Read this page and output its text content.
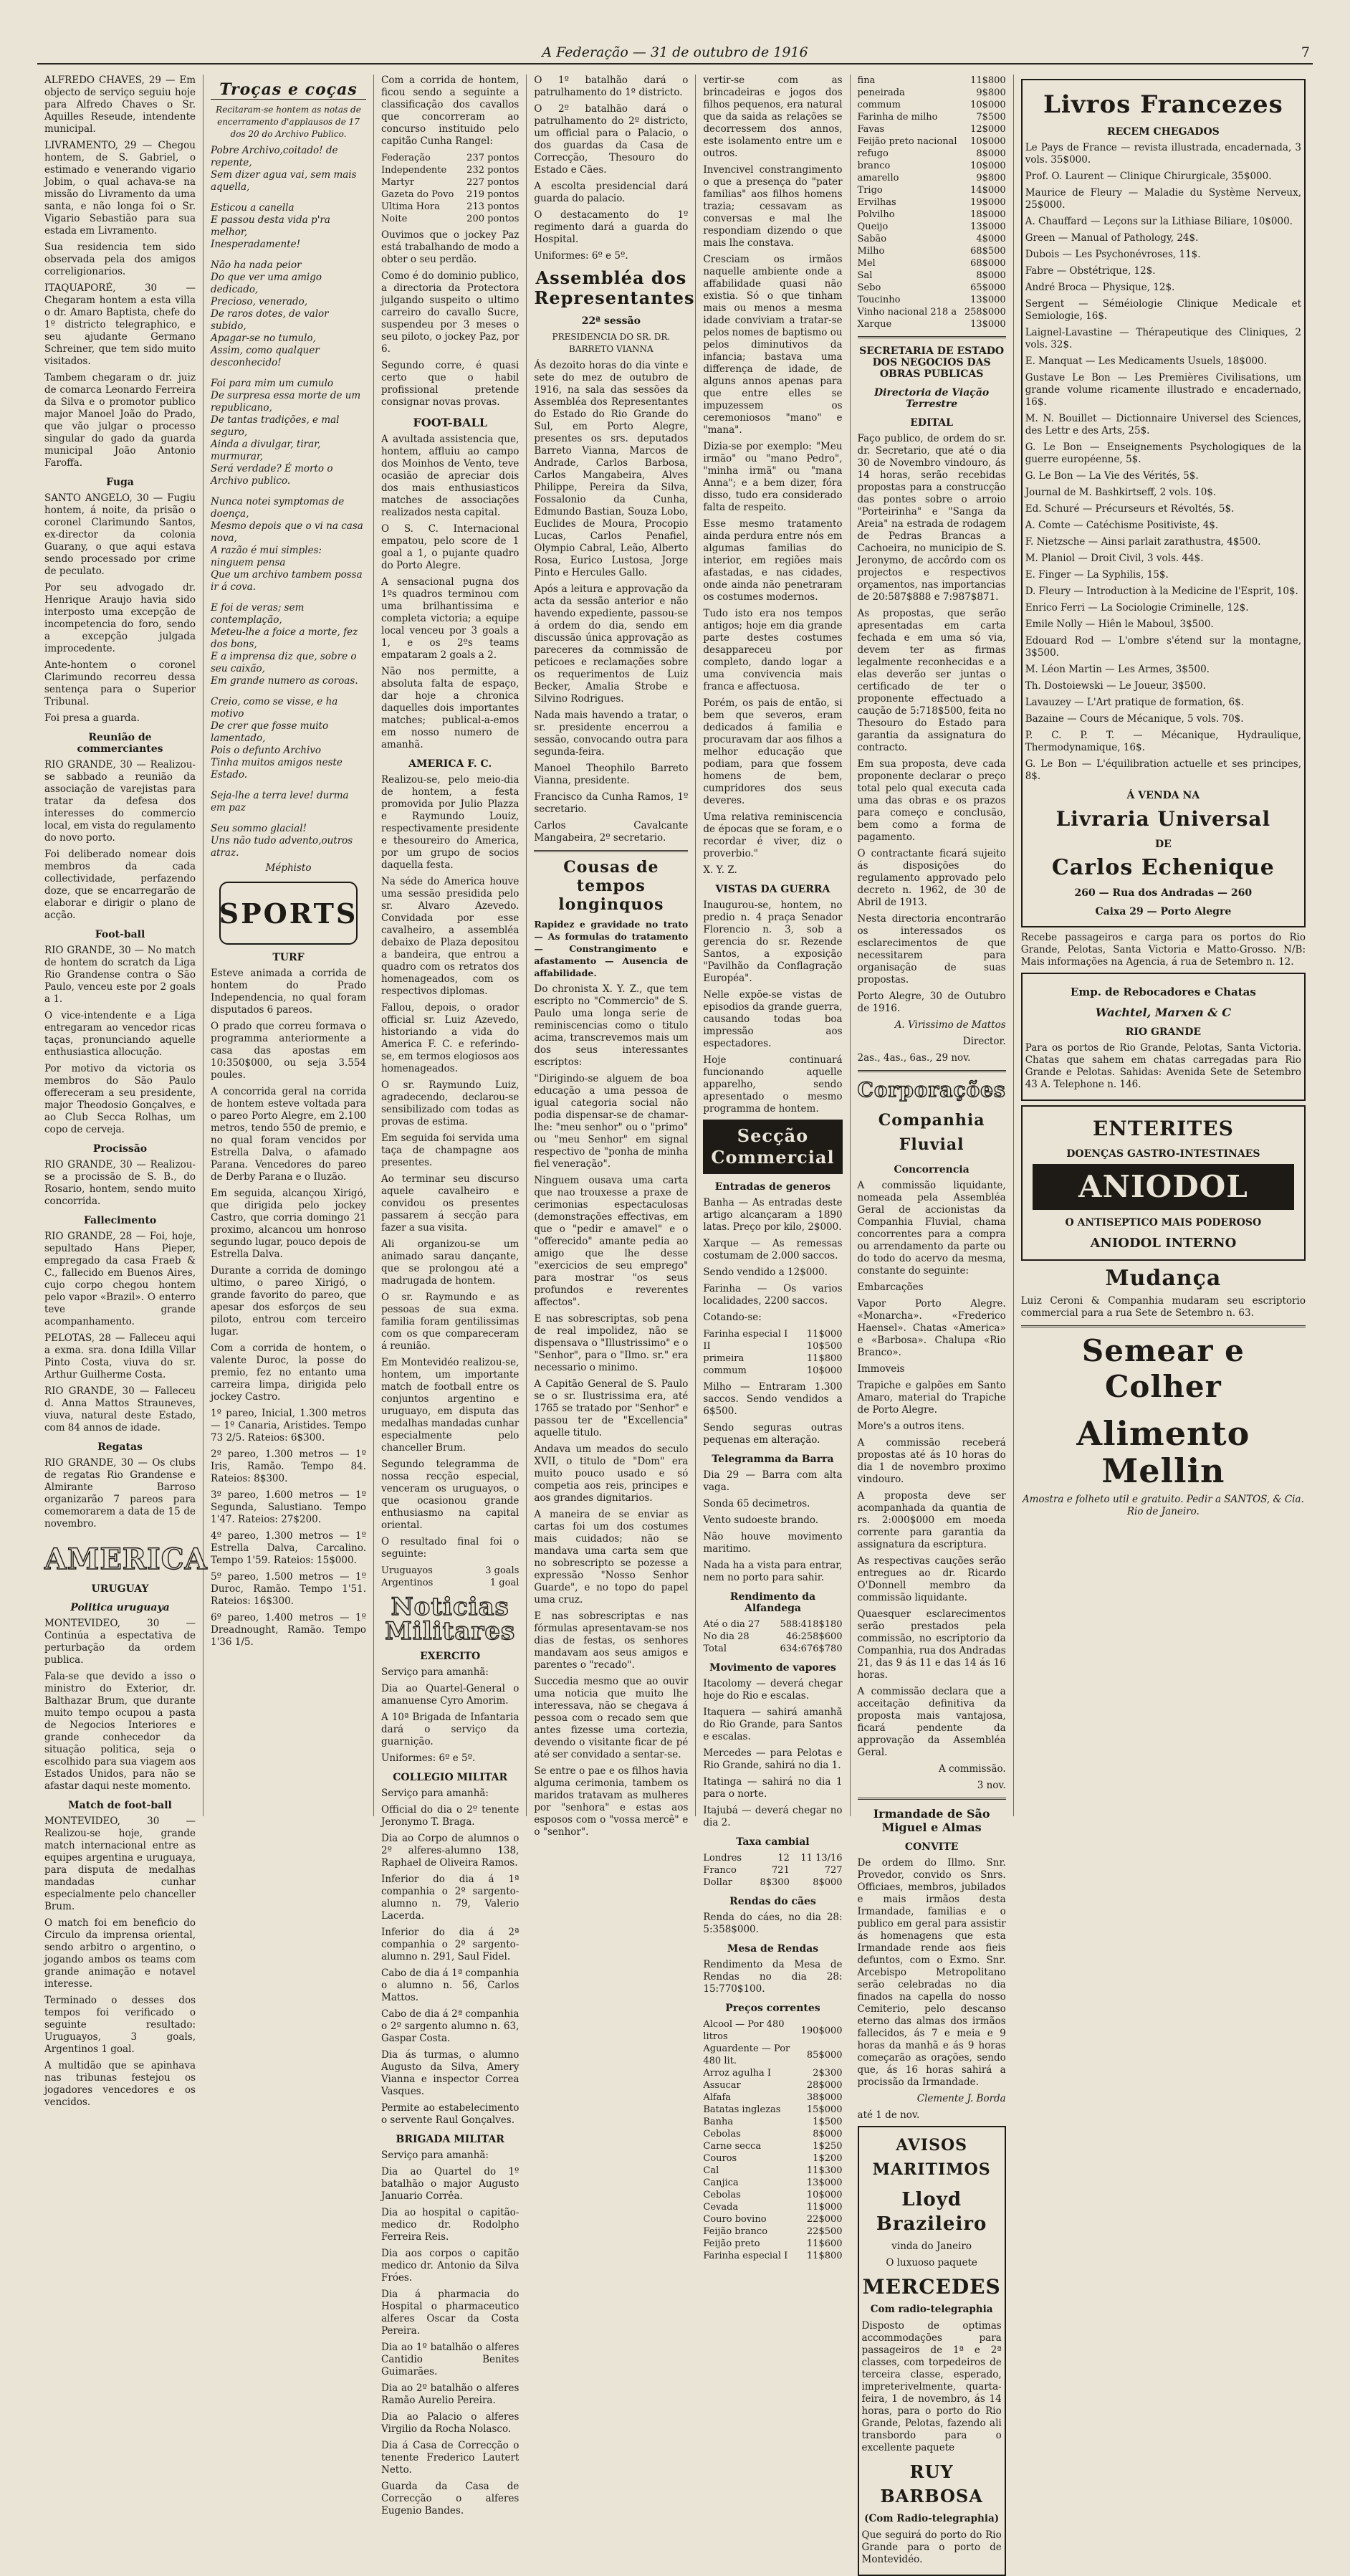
A Federação — 31 de outubro de 1916	7

ALFREDO CHAVES, 29 — Em objecto de serviço seguiu hoje para Alfredo Chaves o Sr. Aquilles Reseude, intendente municipal.

LIVRAMENTO, 29 — Chegou hontem, de S. Gabriel, o estimado e venerando vigario Jobim, o qual achava-se na missão do Livramento da uma santa, e não longa foi o Sr. Vigario Sebastião para sua estada em Livramento.

Sua residencia tem sido observada pela dos amigos correligionarios.

ITAQUAPORÉ, 30 — Chegaram hontem a esta villa o dr. Amaro Baptista, chefe do 1º districto telegraphico, e seu ajudante Germano Schreiner, que tem sido muito visitados.

Tambem chegaram o dr. juiz de comarca Leonardo Ferreira da Silva e o promotor publico major Manoel João do Prado, que vão julgar o processo singular do gado da guarda municipal João Antonio Faroffa.

Fuga

SANTO ANGELO, 30 — Fugiu hontem, á noite, da prisão o coronel Clarimundo Santos, ex-director da colonia Guarany, o que aqui estava sendo processado por crime de peculato.

Por seu advogado dr. Henrique Araujo havia sido interposto uma excepção de incompetencia do foro, sendo a excepção julgada improcedente.

Ante-hontem o coronel Clarimundo recorreu dessa sentença para o Superior Tribunal.

Foi presa a guarda.

Reunião de commerciantes

RIO GRANDE, 30 — Realizou-se sabbado a reunião da associação de varejistas para tratar da defesa dos interesses do commercio local, em vista do regulamento do novo porto.

Foi deliberado nomear dois membros da cada collectividade, perfazendo doze, que se encarregarão de elaborar e dirigir o plano de acção.

Foot-ball

RIO GRANDE, 30 — No match de hontem do scratch da Liga Rio Grandense contra o São Paulo, venceu este por 2 goals a 1.

O vice-intendente e a Liga entregaram ao vencedor ricas taças, pronunciando aquelle enthusiastica allocução.

Por motivo da victoria os membros do São Paulo offereceram a seu presidente, major Theodosio Gonçalves, e ao Club Secca Rolhas, um copo de cerveja.

Procissão

RIO GRANDE, 30 — Realizou-se a procissão de S. B., do Rosario, hontem, sendo muito concorrida.

Fallecimento

RIO GRANDE, 28 — Foi, hoje, sepultado Hans Pieper, empregado da casa Fraeb & C., fallecido em Buenos Aires, cujo corpo chegou hontem pelo vapor «Brazil». O enterro teve grande acompanhamento.

PELOTAS, 28 — Falleceu aqui a exma. sra. dona Idilla Villar Pinto Costa, viuva do sr. Arthur Guilherme Costa.

RIO GRANDE, 30 — Falleceu d. Anna Mattos Strauneves, viuva, natural deste Estado, com 84 annos de idade.

Regatas

RIO GRANDE, 30 — Os clubs de regatas Rio Grandense e Almirante Barroso organizarão 7 pareos para comemorarem a data de 15 de novembro.

AMERICA
URUGUAY
Politica uruguaya

MONTEVIDEO, 30 — Continúa a espectativa de perturbação da ordem publica.

Fala-se que devido a isso o ministro do Exterior, dr. Balthazar Brum, que durante muito tempo ocupou a pasta de Negocios Interiores e grande conhecedor da situação politica, seja o escolhido para sua viagem aos Estados Unidos, para não se afastar daqui neste momento.

Match de foot-ball

MONTEVIDEO, 30 — Realizou-se hoje, grande match internacional entre as equipes argentina e uruguaya, para disputa de medalhas mandadas cunhar especialmente pelo chanceller Brum.

O match foi em beneficio do Circulo da imprensa oriental, sendo arbitro o argentino, o jogando ambos os teams com grande animação e notavel interesse.

Terminado o desses dos tempos foi verificado o seguinte resultado: Uruguayos, 3 goals, Argentinos 1 goal.

A multidão que se apinhava nas tribunas festejou os jogadores vencedores e os vencidos.

Troças e coças

Recitaram-se hontem as notas de encerramento d'applausos de 17 dos 20 do Archivo Publico.

Pobre Archivo,coitado! de repente,

Sem dizer agua vai, sem mais aquella,

Esticou a canella

E passou desta vida p'ra melhor,

Inesperadamente!

Não ha nada peior

Do que ver uma amigo dedicado,

Precioso, venerado,

De raros dotes, de valor subido,

Apagar-se no tumulo,

Assim, como qualquer desconhecido!

Foi para mim um cumulo

De surpresa essa morte de um republicano,

De tantas tradições, e mal seguro,

Ainda a divulgar, tirar, murmurar,

Será verdade? É morto o Archivo publico.

Nunca notei symptomas de doença,

Mesmo depois que o vi na casa nova,

A razão é mui simples: ninguem pensa

Que um archivo tambem possa ir á cova.

E foi de veras; sem contemplação,

Meteu-lhe a foice a morte, fez dos bons,

E a imprensa diz que, sobre o seu caixão,

Em grande numero as coroas.

Creio, como se visse, e ha motivo

De crer que fosse muito lamentado,

Pois o defunto Archivo

Tinha muitos amigos neste Estado.

Seja-lhe a terra leve! durma em paz

Seu sommo glacial!

Uns não tudo advento,outros atraz.

Méphisto

SPORTS
TURF

Esteve animada a corrida de hontem do Prado Independencia, no qual foram disputados 6 pareos.

O prado que correu formava o programma anteriormente a casa das apostas em 10:350$000, ou seja 3.554 poules.

A concorrida geral na corrida de hontem esteve voltada para o pareo Porto Alegre, em 2.100 metros, tendo 550 de premio, e no qual foram vencidos por Estrella Dalva, o afamado Parana. Vencedores do pareo de Derby Parana e o Iluzão.

Em seguida, alcançou Xirigó, que dirigida pelo jockey Castro, que corria domingo 21 proximo, alcancou um honroso segundo lugar, pouco depois de Estrella Dalva.

Durante a corrida de domingo ultimo, o pareo Xirigó, o grande favorito do pareo, que apesar dos esforços de seu piloto, entrou com terceiro lugar.

Com a corrida de hontem, o valente Duroc, la posse do premio, fez no entanto uma carreira limpa, dirigida pelo jockey Castro.

1º pareo, Inicial, 1.300 metros — 1º Canaria, Aristides. Tempo 73 2/5. Rateios: 6$300.

2º pareo, 1.300 metros — 1º Iris, Ramão. Tempo 84. Rateios: 8$300.

3º pareo, 1.600 metros — 1º Segunda, Salustiano. Tempo 1'47. Rateios: 27$200.

4º pareo, 1.300 metros — 1º Estrella Dalva, Carcalino. Tempo 1'59. Rateios: 15$000.

5º pareo, 1.500 metros — 1º Duroc, Ramão. Tempo 1'51. Rateios: 16$300.

6º pareo, 1.400 metros — 1º Dreadnought, Ramão. Tempo 1'36 1/5.

Com a corrida de hontem, ficou sendo a seguinte a classificação dos cavallos que concorreram ao concurso instituido pelo capitão Cunha Rangel:

Federação	237 pontos
Independente	232 pontos
Martyr	227 pontos
Gazeta do Povo	219 pontos
Ultima Hora	213 pontos
Noite	200 pontos

Ouvimos que o jockey Paz está trabalhando de modo a obter o seu perdão.

Como é do dominio publico, a directoria da Protectora julgando suspeito o ultimo carreiro do cavallo Sucre, suspendeu por 3 meses o seu piloto, o jockey Paz, por 6.

Segundo corre, é quasi certo que o habil profissional pretende consignar novas provas.

FOOT-BALL

A avultada assistencia que, hontem, affluiu ao campo dos Moinhos de Vento, teve ocasião de apreciar dois dos mais enthusiasticos matches de associações realizados nesta capital.

O S. C. Internacional empatou, pelo score de 1 goal a 1, o pujante quadro do Porto Alegre.

A sensacional pugna dos 1ºs quadros terminou com uma brilhantissima e completa victoria; a equipe local venceu por 3 goals a 1, e os 2ºs teams empataram 2 goals a 2.

Não nos permitte, a absoluta falta de espaço, dar hoje a chronica daquelles dois importantes matches; publical-a-emos em nosso numero de amanhã.

AMERICA F. C.

Realizou-se, pelo meio-dia de hontem, a festa promovida por Julio Plazza e Raymundo Louiz, respectivamente presidente e thesoureiro do America, por um grupo de socios daquella festa.

Na séde do America houve uma sessão presidida pelo sr. Alvaro Azevedo. Convidada por esse cavalheiro, a assembléa debaixo de Plaza depositou a bandeira, que entrou a quadro com os retratos dos homenageados, com os respectivos diplomas.

Fallou, depois, o orador official sr. Luiz Azevedo, historiando a vida do America F. C. e referindo-se, em termos elogiosos aos homenageados.

O sr. Raymundo Luiz, agradecendo, declarou-se sensibilizado com todas as provas de estima.

Em seguida foi servida uma taça de champagne aos presentes.

Ao terminar seu discurso aquele cavalheiro e convidou os presentes passarem á secção para fazer a sua visita.

Ali organizou-se um animado sarau dançante, que se prolongou até a madrugada de hontem.

O sr. Raymundo e as pessoas de sua exma. familia foram gentilissimas com os que compareceram á reunião.

Em Montevidéo realizou-se, hontem, um importante match de football entre os conjuntos argentino e uruguayo, em disputa das medalhas mandadas cunhar especialmente pelo chanceller Brum.

Segundo telegramma de nossa recção especial, venceram os uruguayos, o que ocasionou grande enthusiasmo na capital oriental.

O resultado final foi o seguinte:

Uruguayos	3 goals
Argentinos	1 goal
Noticias Militares
EXERCITO

Serviço para amanhã:

Dia ao Quartel-General o amanuense Cyro Amorim.

A 10ª Brigada de Infantaria dará o serviço da guarnição.

Uniformes: 6º e 5º.

COLLEGIO MILITAR

Serviço para amanhã:

Official do dia o 2º tenente Jeronymo T. Braga.

Dia ao Corpo de alumnos o 2º alferes-alumno 138, Raphael de Oliveira Ramos.

Inferior do dia á 1ª companhia o 2º sargento-alumno n. 79, Valerio Lacerda.

Inferior do dia á 2ª companhia o 2º sargento-alumno n. 291, Saul Fidel.

Cabo de dia á 1ª companhia o alumno n. 56, Carlos Mattos.

Cabo de dia á 2ª companhia o 2º sargento alumno n. 63, Gaspar Costa.

Dia ás turmas, o alumno Augusto da Silva, Amery Vianna e inspector Correa Vasques.

Permite ao estabelecimento o servente Raul Gonçalves.

BRIGADA MILITAR

Serviço para amanhã:

Dia ao Quartel do 1º batalhão o major Augusto Januario Corrêa.

Dia ao hospital o capitão-medico dr. Rodolpho Ferreira Reis.

Dia aos corpos o capitão medico dr. Antonio da Silva Fróes.

Dia á pharmacia do Hospital o pharmaceutico alferes Oscar da Costa Pereira.

Dia ao 1º batalhão o alferes Cantidio Benites Guimarães.

Dia ao 2º batalhão o alferes Ramão Aurelio Pereira.

Dia ao Palacio o alferes Virgilio da Rocha Nolasco.

Dia á Casa de Correcção o tenente Frederico Lautert Netto.

Guarda da Casa de Correcção o alferes Eugenio Bandes.

O 1º batalhão dará o patrulhamento do 1º districto.

O 2º batalhão dará o patrulhamento do 2º districto, um official para o Palacio, o dos guardas da Casa de Correcção, Thesouro do Estado e Cães.

A escolta presidencial dará guarda do palacio.

O destacamento do 1º regimento dará a guarda do Hospital.

Uniformes: 6º e 5º.

Assembléa dos Representantes
22ª sessão

PRESIDENCIA DO SR. DR. BARRETO VIANNA

Ás dezoito horas do dia vinte e sete do mez de outubro de 1916, na sala das sessões da Assembléa dos Representantes do Estado do Rio Grande do Sul, em Porto Alegre, presentes os srs. deputados Barreto Vianna, Marcos de Andrade, Carlos Barbosa, Carlos Mangabeira, Alves Philippe, Pereira da Silva, Fossalonio da Cunha, Edmundo Bastian, Souza Lobo, Euclides de Moura, Procopio Lucas, Carlos Penafiel, Olympio Cabral, Leão, Alberto Rosa, Eurico Lustosa, Jorge Pinto e Hercules Gallo.

Após a leitura e approvação da acta da sessão anterior e não havendo expediente, passou-se á ordem do dia, sendo em discussão única approvação as pareceres da commissão de peticoes e reclamações sobre os requerimentos de Luiz Becker, Amalia Strobe e Silvino Rodrigues.

Nada mais havendo a tratar, o sr. presidente encerrou a sessão, convocando outra para segunda-feira.

Manoel Theophilo Barreto Vianna, presidente.

Francisco da Cunha Ramos, 1º secretario.

Carlos Cavalcante Mangabeira, 2º secretario.

Cousas de tempos longinquos

Rapidez e gravidade no trato — As formulas do tratamento — Constrangimento e afastamento — Ausencia de affabilidade.

Do chronista X. Y. Z., que tem escripto no "Commercio" de S. Paulo uma longa serie de reminiscencias como o titulo acima, transcrevemos mais um dos seus interessantes escriptos:

"Dirigindo-se alguem de boa educação a uma pessoa de igual categoria social não podia dispensar-se de chamar-lhe: "meu senhor" ou o "primo" ou "meu Senhor" em signal respectivo de "ponha de minha fiel veneração".

Ninguem ousava uma carta que nao trouxesse a praxe de cerimonias espectaculosas (demonstrações effectivas, em que o "pedir e amavel" e o "offerecido" amante pedia ao amigo que lhe desse "exercicios de seu emprego" para mostrar "os seus profundos e reverentes affectos".

E nas sobrescriptas, sob pena de real impolidez, não se dispensava o "Illustrissimo" e o "Senhor", para o "Ilmo. sr." era necessario o minimo.

A Capitão General de S. Paulo se o sr. Ilustrissima era, até 1765 se tratado por "Senhor" e passou ter de "Excellencia" aquelle titulo.

Andava um meados do seculo XVII, o titulo de "Dom" era muito pouco usado e só competia aos reis, principes e aos grandes dignitarios.

A maneira de se enviar as cartas foi um dos costumes mais cuidados; não se mandava uma carta sem que no sobrescripto se pozesse a expressão "Nosso Senhor Guarde", e no topo do papel uma cruz.

E nas sobrescriptas e nas fórmulas apresentavam-se nos dias de festas, os senhores mandavam aos seus amigos e parentes o "recado".

Succedia mesmo que ao ouvir uma noticia que muito lhe interessava, não se chegava á pessoa com o recado sem que antes fizesse uma cortezia, devendo o visitante ficar de pé até ser convidado a sentar-se.

Se entre o pae e os filhos havia alguma cerimonia, tambem os maridos tratavam as mulheres por "senhora" e estas aos esposos com o "vossa mercê" e o "senhor".

vertir-se com as brincadeiras e jogos dos filhos pequenos, era natural que da saida as relações se decorressem dos annos, este isolamento entre um e outros.

Invencivel constrangimento o que a presença do "pater familias" aos filhos homens trazia; cessavam as conversas e mal lhe respondiam dizendo o que mais lhe constava.

Cresciam os irmãos naquelle ambiente onde a affabilidade quasi não existia. Só o que tinham mais ou menos a mesma idade conviviam a tratar-se pelos nomes de baptismo ou pelos diminutivos da infancia; bastava uma differença de idade, de alguns annos apenas para que entre elles se impuzessem os ceremoniosos "mano" e "mana".

Dizia-se por exemplo: "Meu irmão" ou "mano Pedro", "minha irmã" ou "mana Anna"; e a bem dizer, fóra disso, tudo era considerado falta de respeito.

Esse mesmo tratamento ainda perdura entre nós em algumas familias do interior, em regiões mais afastadas, e nas cidades, onde ainda não penetraram os costumes modernos.

Tudo isto era nos tempos antigos; hoje em dia grande parte destes costumes desappareceu por completo, dando logar a uma convivencia mais franca e affectuosa.

Porém, os pais de então, si bem que severos, eram dedicados á familia e procuravam dar aos filhos a melhor educação que podiam, para que fossem homens de bem, cumpridores dos seus deveres.

Uma relativa reminiscencia de épocas que se foram, e o recordar é viver, diz o proverbio."

X. Y. Z.

VISTAS DA GUERRA

Inaugurou-se, hontem, no predio n. 4 praça Senador Florencio n. 3, sob a gerencia do sr. Rezende Santos, a exposição "Pavilhão da Conflagração Européa".

Nelle expõe-se vistas de episodios da grande guerra, causando todas boa impressão aos espectadores.

Hoje continuará funcionando aquelle apparelho, sendo apresentado o mesmo programma de hontem.

Secção Commercial
Entradas de generos

Banha — As entradas deste artigo alcançaram a 1890 latas. Preço por kilo, 2$000.

Xarque — As remessas costumam de 2.000 saccos.

Sendo vendido a 12$000.

Farinha — Os varios localidades, 2200 saccos.

Cotando-se:

Farinha especial I	11$000
II	10$500
primeira	11$800
commum	10$000

Milho — Entraram 1.300 saccos. Sendo vendidos a 6$500.

Sendo seguras outras pequenas em alteração.

Telegramma da Barra

Dia 29 — Barra com alta vaga.

Sonda 65 decimetros.

Vento sudoeste brando.

Não houve movimento maritimo.

Nada ha a vista para entrar, nem no porto para sahir.

Rendimento da Alfandega
Até o dia 27	588:418$180
No dia 28	46:258$600
Total	634:676$780
Movimento de vapores

Itacolomy — deverá chegar hoje do Rio e escalas.

Itaquera — sahirá amanhã do Rio Grande, para Santos e escalas.

Mercedes — para Pelotas e Rio Grande, sahirá no dia 1.

Itatinga — sahirá no dia 1 para o norte.

Itajubá — deverá chegar no dia 2.

Taxa cambial
Londres	12	11 13/16
Franco	721	727
Dollar	8$300	8$000
Rendas do cães

Renda do cáes, no dia 28: 5:358$000.

Mesa de Rendas

Rendimento da Mesa de Rendas no dia 28: 15:770$100.

Preços correntes
Alcool — Por 480 litros	190$000
Aguardente — Por 480 lit.	85$000
Arroz agulha I	2$300
Assucar	28$000
Alfafa	38$000
Batatas inglezas	15$000
Banha	1$500
Cebolas	8$000
Carne secca	1$250
Couros	1$200
Cal	11$300
Canjica	13$000
Cebolas	10$000
Cevada	11$000
Couro bovino	22$000
Feijão branco	22$500
Feijão preto	11$600
Farinha especial I	11$800
fina	11$800
peneirada	9$800
commum	10$000
Farinha de milho	7$500
Favas	12$000
Feijão preto nacional	10$000
refugo	8$000
branco	10$000
amarello	9$800
Trigo	14$000
Ervilhas	19$000
Polvilho	18$000
Queijo	13$000
Sabão	4$000
Milho	68$500
Mel	68$000
Sal	8$000
Sebo	65$000
Toucinho	13$000
Vinho nacional 218 a	258$000
Xarque	13$000
SECRETARIA DE ESTADO DOS NEGOCIOS DAS OBRAS PUBLICAS
Directoria de Viação Terrestre
EDITAL

Faço publico, de ordem do sr. dr. Secretario, que até o dia 30 de Novembro vindouro, ás 14 horas, serão recebidas propostas para a construcção das pontes sobre o arroio "Porteirinha" e "Sanga da Areia" na estrada de rodagem de Pedras Brancas a Cachoeira, no municipio de S. Jeronymo, de accôrdo com os projectos e respectivos orçamentos, nas importancias de 20:587$888 e 7:987$871.

As propostas, que serão apresentadas em carta fechada e em uma só via, devem ter as firmas legalmente reconhecidas e a elas deverão ser juntas o certificado de ter o proponente effectuado a caução de 5:718$500, feita no Thesouro do Estado para garantia da assignatura do contracto.

Em sua proposta, deve cada proponente declarar o preço total pelo qual executa cada uma das obras e os prazos para começo e conclusão, bem como a forma de pagamento.

O contractante ficará sujeito ás disposições do regulamento approvado pelo decreto n. 1962, de 30 de Abril de 1913.

Nesta directoria encontrarão os interessados os esclarecimentos de que necessitarem para organisação de suas propostas.

Porto Alegre, 30 de Outubro de 1916.

A. Virissimo de Mattos

Director.

2as., 4as., 6as., 29 nov.

Corporações
Companhia Fluvial
Concorrencia

A commissão liquidante, nomeada pela Assembléa Geral de accionistas da Companhia Fluvial, chama concorrentes para a compra ou arrendamento da parte ou do todo do acervo da mesma, constante do seguinte:

Embarcações

Vapor Porto Alegre. «Monarcha». «Frederico Haensel». Chatas «America» e «Barbosa». Chalupa «Rio Branco».

Immoveis

Trapiche e galpões em Santo Amaro, material do Trapiche de Porto Alegre.

More's a outros itens.

A commissão receberá propostas até ás 10 horas do dia 1 de novembro proximo vindouro.

A proposta deve ser acompanhada da quantia de rs. 2:000$000 em moeda corrente para garantia da assignatura da escriptura.

As respectivas cauções serão entregues ao dr. Ricardo O'Donnell membro da commissão liquidante.

Quaesquer esclarecimentos serão prestados pela commissão, no escriptorio da Companhia, rua dos Andradas 21, das 9 ás 11 e das 14 ás 16 horas.

A commissão declara que a acceitação definitiva da proposta mais vantajosa, ficará pendente da approvação da Assembléa Geral.

A commissão.

3 nov.

Irmandade de São Miguel e Almas
CONVITE

De ordem do Illmo. Snr. Provedor, convido os Snrs. Officiaes, membros, jubilados e mais irmãos desta Irmandade, familias e o publico em geral para assistir ás homenagens que esta Irmandade rende aos fieis defuntos, com o Exmo. Snr. Arcebispo Metropolitano serão celebradas no dia finados na capella do nosso Cemiterio, pelo descanso eterno das almas dos irmãos fallecidos, ás 7 e meia e 9 horas da manhã e ás 9 horas começarão as orações, sendo que, ás 16 horas sahirá a procissão da Irmandade.

Clemente J. Borda

até 1 de nov.

AVISOS MARITIMOS
Lloyd Brazileiro

vinda do Janeiro

O luxuoso paquete

MERCEDES

Com radio-telegraphia

Disposto de optimas accommodações para passageiros de 1ª e 2ª classes, com torpedeiros de terceira classe, esperado, impreterivelmente, quarta-feira, 1 de novembro, ás 14 horas, para o porto do Rio Grande, Pelotas, fazendo ali transbordo para o excellente paquete

RUY BARBOSA

(Com Radio-telegraphia)

Que seguirá do porto do Rio Grande para o porto de Montevidéo.

Livros Francezes
RECEM CHEGADOS

Le Pays de France — revista illustrada, encadernada, 3 vols. 35$000.

Prof. O. Laurent — Clinique Chirurgicale, 35$000.

Maurice de Fleury — Maladie du Système Nerveux, 25$000.

A. Chauffard — Leçons sur la Lithiase Biliare, 10$000.

Green — Manual of Pathology, 24$.

Dubois — Les Psychonévroses, 11$.

Fabre — Obstétrique, 12$.

André Broca — Physique, 12$.

Sergent — Séméiologie Clinique Medicale et Semiologie, 16$.

Laignel-Lavastine — Thérapeutique des Cliniques, 2 vols. 32$.

E. Manquat — Les Medicaments Usuels, 18$000.

Gustave Le Bon — Les Premières Civilisations, um grande volume ricamente illustrado e encadernado, 16$.

M. N. Bouillet — Dictionnaire Universel des Sciences, des Lettr e des Arts, 25$.

G. Le Bon — Enseignements Psychologiques de la guerre européenne, 5$.

G. Le Bon — La Vie des Vérités, 5$.

Journal de M. Bashkirtseff, 2 vols. 10$.

Ed. Schuré — Précurseurs et Révoltés, 5$.

A. Comte — Catéchisme Positiviste, 4$.

F. Nietzsche — Ainsi parlait zarathustra, 4$500.

M. Planiol — Droit Civil, 3 vols. 44$.

E. Finger — La Syphilis, 15$.

D. Fleury — Introduction à la Medicine de l'Esprit, 10$.

Enrico Ferri — La Sociologie Criminelle, 12$.

Emile Nolly — Hiên le Maboul, 3$500.

Edouard Rod — L'ombre s'étend sur la montagne, 3$500.

M. Léon Martin — Les Armes, 3$500.

Th. Dostoiewski — Le Joueur, 3$500.

Lavauzey — L'Art pratique de formation, 6$.

Bazaine — Cours de Mécanique, 5 vols. 70$.

P. C. P. T. — Mécanique, Hydraulique, Thermodynamique, 16$.

G. Le Bon — L'équilibration actuelle et ses principes, 8$.

Á VENDA NA
Livraria Universal
DE
Carlos Echenique
260 — Rua dos Andradas — 260
Caixa 29 — Porto Alegre

Recebe passageiros e carga para os portos do Rio Grande, Pelotas, Santa Victoria e Matto-Grosso. N/B: Mais informações na Agencia, á rua de Setembro n. 12.

Emp. de Rebocadores e Chatas
Wachtel, Marxen & C
RIO GRANDE

Para os portos de Rio Grande, Pelotas, Santa Victoria. Chatas que sahem em chatas carregadas para Rio Grande e Pelotas. Sahidas: Avenida Sete de Setembro 43 A. Telephone n. 146.

ENTERITES
DOENÇAS GASTRO-INTESTINAES
ANIODOL
O ANTISEPTICO MAIS PODEROSO
ANIODOL INTERNO
Mudança

Luiz Ceroni & Companhia mudaram seu escriptorio commercial para a rua Sete de Setembro n. 63.

Semear e Colher
Alimento Mellin

Amostra e folheto util e gratuito. Pedir a SANTOS, & Cia. Rio de Janeiro.
